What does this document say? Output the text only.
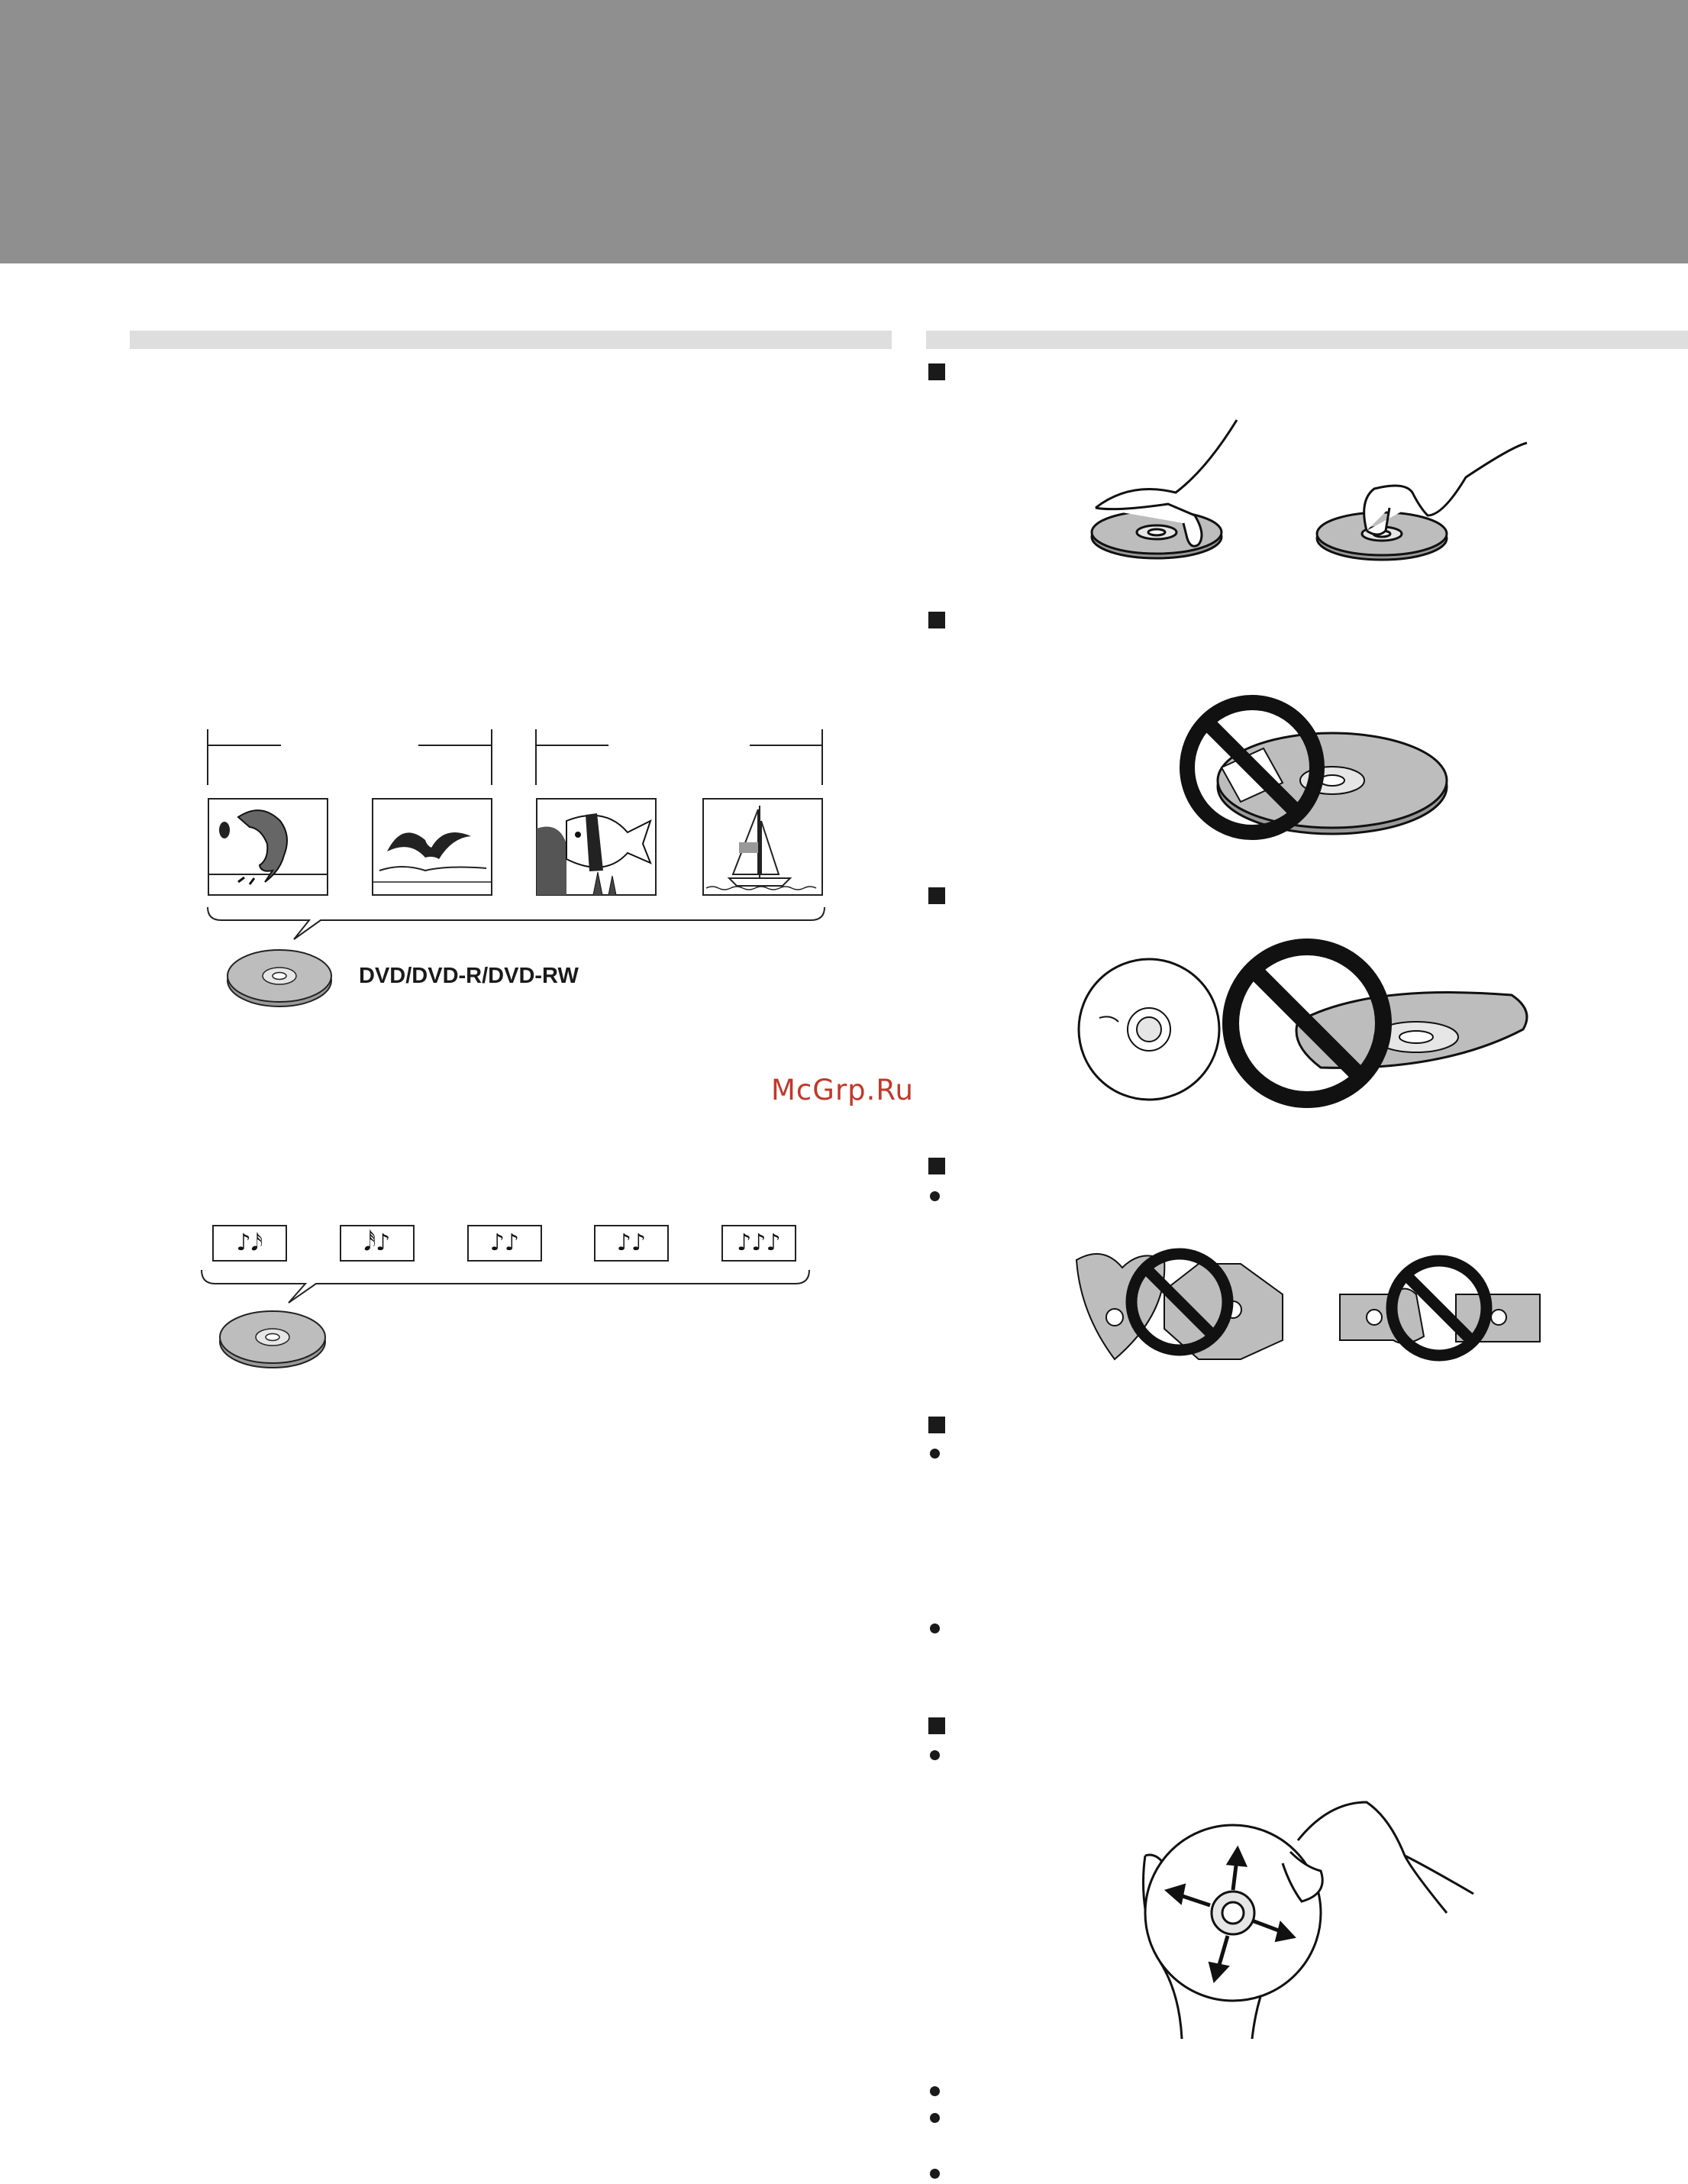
DVD/DVD-R/DVD-RW
♪𝅘𝅥𝅯	𝅘𝅥𝅰♪	♪♪	♪♪	♪♪♪
McGrp.Ru
